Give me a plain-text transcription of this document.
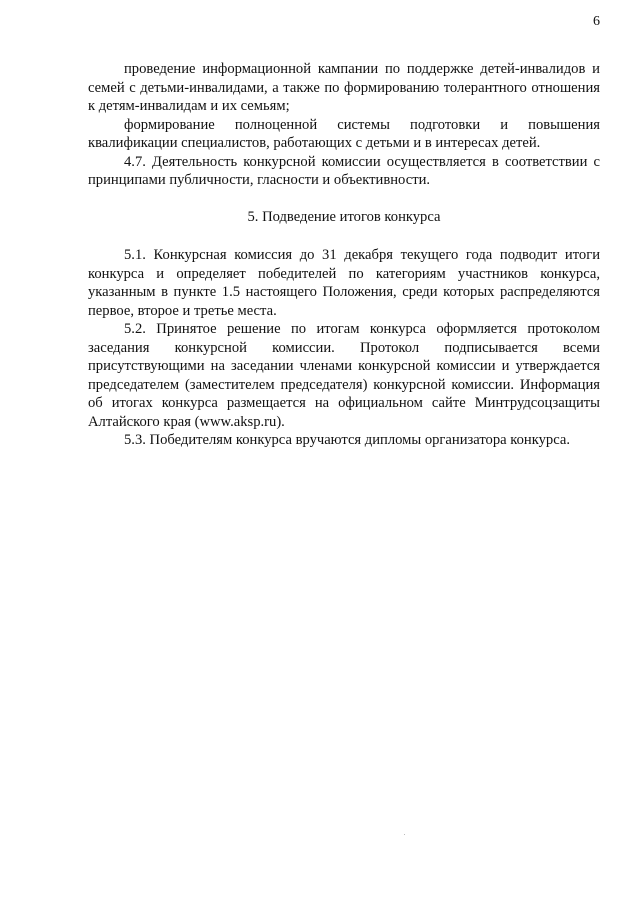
6

проведение информационной кампании по поддержке детей-инвалидов и семей с детьми-инвалидами, а также по формированию толерантного отношения к детям-инвалидам и их семьям;

формирование полноценной системы подготовки и повышения квалификации специалистов, работающих с детьми и в интересах детей.

4.7. Деятельность конкурсной комиссии осуществляется в соответствии с принципами публичности, гласности и объективности.

5. Подведение итогов конкурса

5.1. Конкурсная комиссия до 31 декабря текущего года подводит итоги конкурса и определяет победителей по категориям участников конкурса, указанным в пункте 1.5 настоящего Положения, среди которых распределяются первое, второе и третье места.

5.2. Принятое решение по итогам конкурса оформляется протоколом заседания конкурсной комиссии. Протокол подписывается всеми присутствующими на заседании членами конкурсной комиссии и утверждается председателем (заместителем председателя) конкурсной комиссии. Информация об итогах конкурса размещается на официальном сайте Минтрудсоцзащиты Алтайского края (www.aksp.ru).

5.3. Победителям конкурса вручаются дипломы организатора конкурса.
